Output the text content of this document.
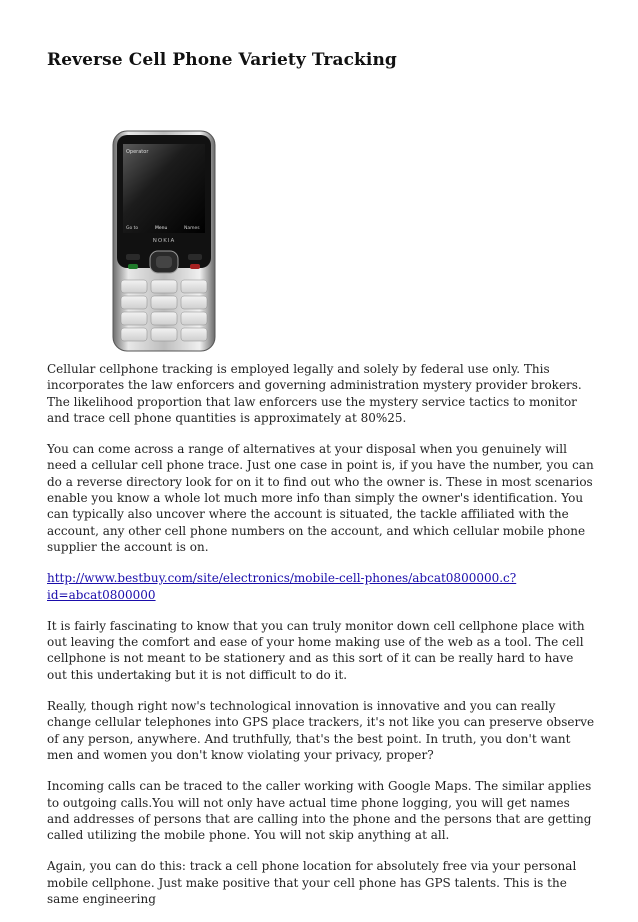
Reverse Cell Phone Variety Tracking
Operator
Go to	Menu	Names
NOKIA

Cellular cellphone tracking is employed legally and solely by federal use only. This incorporates the law enforcers and governing administration mystery provider brokers. The likelihood proportion that law enforcers use the mystery service tactics to monitor and trace cell phone quantities is approximately at 80%25.

You can come across a range of alternatives at your disposal when you genuinely will need a cellular cell phone trace. Just one case in point is, if you have the number, you can do a reverse directory look for on it to find out who the owner is. These in most scenarios enable you know a whole lot much more info than simply the owner's identification. You can typically also uncover where the account is situated, the tackle affiliated with the account, any other cell phone numbers on the account, and which cellular mobile phone supplier the account is on.

http://www.bestbuy.com/site/electronics/mobile-cell-phones/abcat0800000.c?id=abcat0800000

It is fairly fascinating to know that you can truly monitor down cell cellphone place with out leaving the comfort and ease of your home making use of the web as a tool. The cell cellphone is not meant to be stationery and as this sort of it can be really hard to have out this undertaking but it is not difficult to do it.

Really, though right now's technological innovation is innovative and you can really change cellular telephones into GPS place trackers, it's not like you can preserve observe of any person, anywhere. And truthfully, that's the best point. In truth, you don't want men and women you don't know violating your privacy, proper?

Incoming calls can be traced to the caller working with Google Maps. The similar applies to outgoing calls.You will not only have actual time phone logging, you will get names and addresses of persons that are calling into the phone and the persons that are getting called utilizing the mobile phone. You will not skip anything at all.

Again, you can do this: track a cell phone location for absolutely free via your personal mobile cellphone. Just make positive that your cell phone has GPS talents. This is the same engineering
